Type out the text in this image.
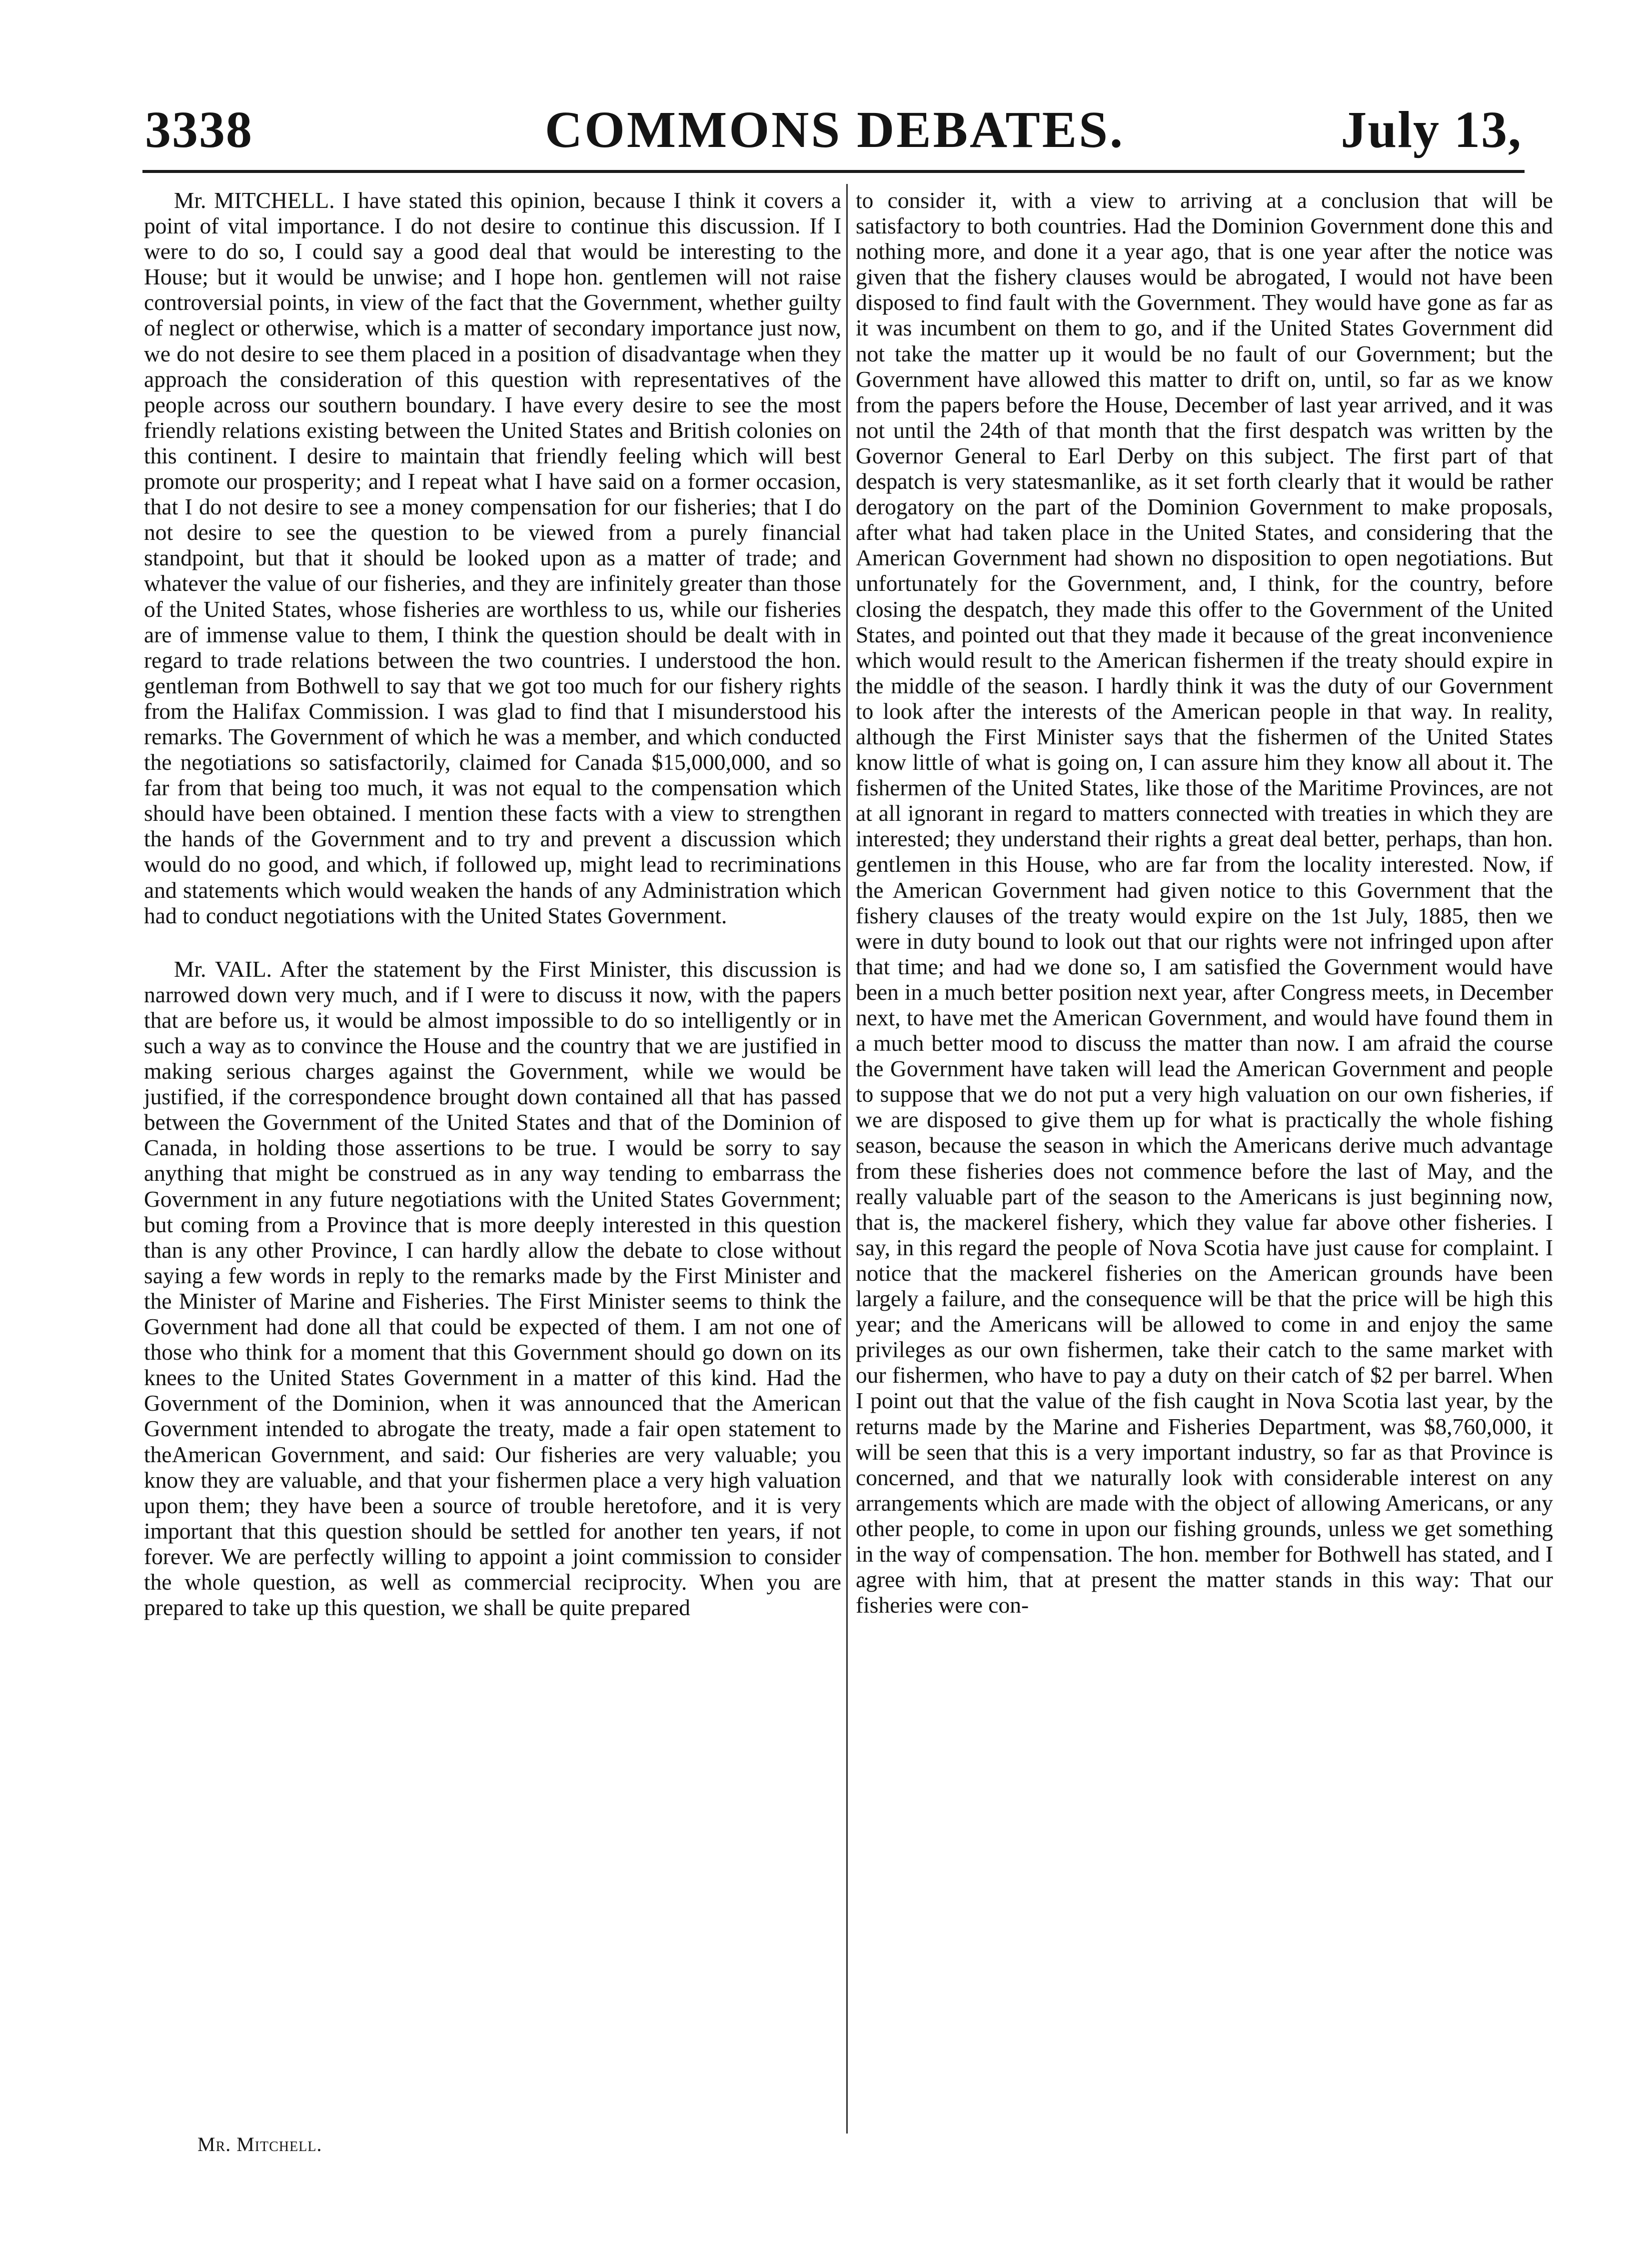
3338	COMMONS DEBATES.	July 13,

Mr. MITCHELL. I have stated this opinion, because I think it covers a point of vital importance. I do not desire to continue this discussion. If I were to do so, I could say a good deal that would be interesting to the House; but it would be unwise; and I hope hon. gentlemen will not raise controversial points, in view of the fact that the Government, whether guilty of neglect or otherwise, which is a matter of secondary importance just now, we do not desire to see them placed in a position of disadvantage when they approach the consideration of this question with representatives of the people across our southern boundary. I have every desire to see the most friendly relations existing between the United States and British colonies on this continent. I desire to maintain that friendly feeling which will best promote our prosperity; and I repeat what I have said on a former occasion, that I do not desire to see a money compensation for our fisheries; that I do not desire to see the question to be viewed from a purely financial standpoint, but that it should be looked upon as a matter of trade; and whatever the value of our fisheries, and they are infinitely greater than those of the United States, whose fisheries are worthless to us, while our fisheries are of immense value to them, I think the question should be dealt with in regard to trade relations between the two countries. I understood the hon. gentleman from Bothwell to say that we got too much for our fishery rights from the Halifax Commission. I was glad to find that I misunderstood his remarks. The Government of which he was a member, and which conducted the negotiations so satisfactorily, claimed for Canada $15,000,000, and so far from that being too much, it was not equal to the compensation which should have been obtained. I mention these facts with a view to strengthen the hands of the Government and to try and prevent a discussion which would do no good, and which, if followed up, might lead to recriminations and statements which would weaken the hands of any Administration which had to conduct negotiations with the United States Government.

Mr. VAIL. After the statement by the First Minister, this discussion is narrowed down very much, and if I were to discuss it now, with the papers that are before us, it would be almost impossible to do so intelligently or in such a way as to convince the House and the country that we are justified in making serious charges against the Government, while we would be justified, if the correspondence brought down contained all that has passed between the Government of the United States and that of the Dominion of Canada, in holding those assertions to be true. I would be sorry to say anything that might be construed as in any way tending to embarrass the Government in any future negotiations with the United States Government; but coming from a Province that is more deeply interested in this question than is any other Province, I can hardly allow the debate to close without saying a few words in reply to the remarks made by the First Minister and the Minister of Marine and Fisheries. The First Minister seems to think the Government had done all that could be expected of them. I am not one of those who think for a moment that this Government should go down on its knees to the United States Government in a matter of this kind. Had the Government of the Dominion, when it was announced that the American Government intended to abrogate the treaty, made a fair open statement to theAmerican Government, and said: Our fisheries are very valuable; you know they are valuable, and that your fishermen place a very high valuation upon them; they have been a source of trouble heretofore, and it is very important that this question should be settled for another ten years, if not forever. We are perfectly willing to appoint a joint commission to consider the whole question, as well as commercial reciprocity. When you are prepared to take up this question, we shall be quite prepared

Mr. Mitchell.

to consider it, with a view to arriving at a conclusion that will be satisfactory to both countries. Had the Dominion Government done this and nothing more, and done it a year ago, that is one year after the notice was given that the fishery clauses would be abrogated, I would not have been disposed to find fault with the Government. They would have gone as far as it was incumbent on them to go, and if the United States Government did not take the matter up it would be no fault of our Government; but the Government have allowed this matter to drift on, until, so far as we know from the papers before the House, December of last year arrived, and it was not until the 24th of that month that the first despatch was written by the Governor General to Earl Derby on this subject. The first part of that despatch is very statesmanlike, as it set forth clearly that it would be rather derogatory on the part of the Dominion Government to make proposals, after what had taken place in the United States, and considering that the American Government had shown no disposition to open negotiations. But unfortunately for the Government, and, I think, for the country, before closing the despatch, they made this offer to the Government of the United States, and pointed out that they made it because of the great inconvenience which would result to the American fishermen if the treaty should expire in the middle of the season. I hardly think it was the duty of our Government to look after the interests of the American people in that way. In reality, although the First Minister says that the fishermen of the United States know little of what is going on, I can assure him they know all about it. The fishermen of the United States, like those of the Maritime Provinces, are not at all ignorant in regard to matters connected with treaties in which they are interested; they understand their rights a great deal better, perhaps, than hon. gentlemen in this House, who are far from the locality interested. Now, if the American Government had given notice to this Government that the fishery clauses of the treaty would expire on the 1st July, 1885, then we were in duty bound to look out that our rights were not infringed upon after that time; and had we done so, I am satisfied the Government would have been in a much better position next year, after Congress meets, in December next, to have met the American Government, and would have found them in a much better mood to discuss the matter than now. I am afraid the course the Government have taken will lead the American Government and people to suppose that we do not put a very high valuation on our own fisheries, if we are disposed to give them up for what is practically the whole fishing season, because the season in which the Americans derive much advantage from these fisheries does not commence before the last of May, and the really valuable part of the season to the Americans is just beginning now, that is, the mackerel fishery, which they value far above other fisheries. I say, in this regard the people of Nova Scotia have just cause for complaint. I notice that the mackerel fisheries on the American grounds have been largely a failure, and the consequence will be that the price will be high this year; and the Americans will be allowed to come in and enjoy the same privileges as our own fishermen, take their catch to the same market with our fishermen, who have to pay a duty on their catch of $2 per barrel. When I point out that the value of the fish caught in Nova Scotia last year, by the returns made by the Marine and Fisheries Department, was $8,760,000, it will be seen that this is a very important industry, so far as that Province is concerned, and that we naturally look with considerable interest on any arrangements which are made with the object of allowing Americans, or any other people, to come in upon our fishing grounds, unless we get something in the way of compensation. The hon. member for Bothwell has stated, and I agree with him, that at present the matter stands in this way: That our fisheries were con-
